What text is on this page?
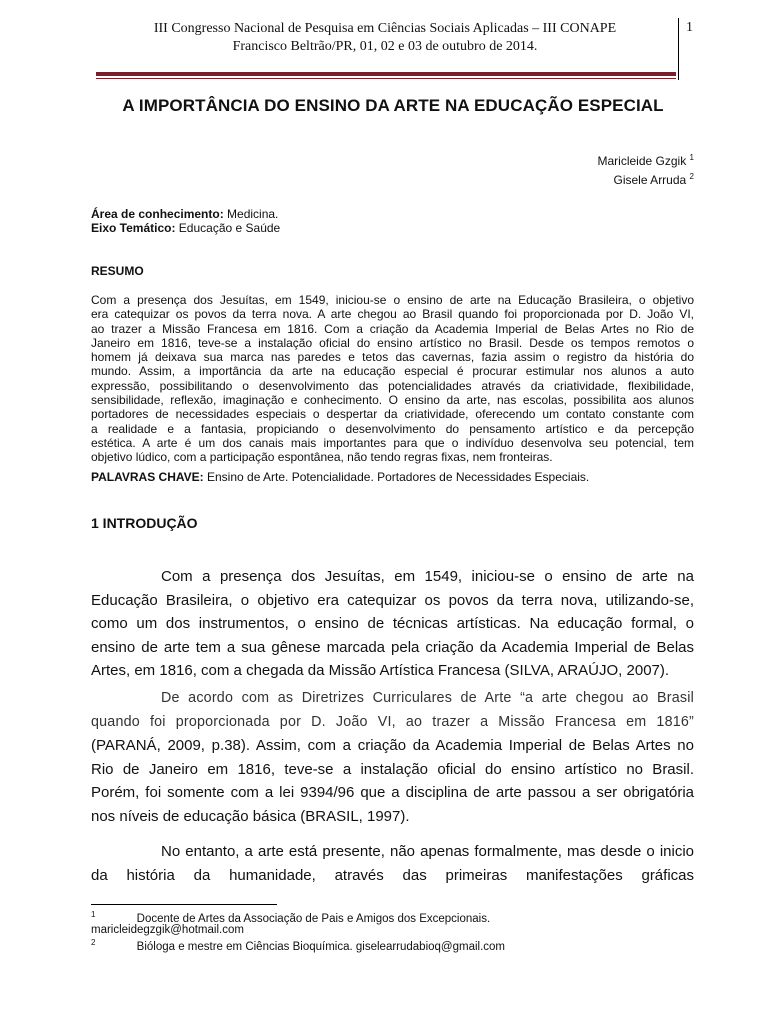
III Congresso Nacional de Pesquisa em Ciências Sociais Aplicadas – III CONAPE
Francisco Beltrão/PR, 01, 02 e 03 de outubro de 2014.
1
A IMPORTÂNCIA DO ENSINO DA ARTE NA EDUCAÇÃO ESPECIAL
Maricleide Gzgik $^1$
Gisele Arruda $^2$
Área de conhecimento: Medicina.
Eixo Temático: Educação e Saúde
RESUMO
Com a presença dos Jesuítas, em 1549, iniciou-se o ensino de arte na Educação Brasileira, o objetivo
era catequizar os povos da terra nova. A arte chegou ao Brasil quando foi proporcionada por D. João VI,
ao trazer a Missão Francesa em 1816. Com a criação da Academia Imperial de Belas Artes no Rio de
Janeiro em 1816, teve-se a instalação oficial do ensino artístico no Brasil. Desde os tempos remotos o
homem já deixava sua marca nas paredes e tetos das cavernas, fazia assim o registro da história do
mundo. Assim, a importância da arte na educação especial é procurar estimular nos alunos a auto
expressão, possibilitando o desenvolvimento das potencialidades através da criatividade, flexibilidade,
sensibilidade, reflexão, imaginação e conhecimento. O ensino da arte, nas escolas, possibilita aos alunos
portadores de necessidades especiais o despertar da criatividade, oferecendo um contato constante com
a realidade e a fantasia, propiciando o desenvolvimento do pensamento artístico e da percepção
estética. A arte é um dos canais mais importantes para que o indivíduo desenvolva seu potencial, tem
objetivo lúdico, com a participação espontânea, não tendo regras fixas, nem fronteiras.
PALAVRAS CHAVE: Ensino de Arte. Potencialidade. Portadores de Necessidades Especiais.
1 INTRODUÇÃO
Com a presença dos Jesuítas, em 1549, iniciou-se o ensino de arte na
Educação Brasileira, o objetivo era catequizar os povos da terra nova, utilizando-se,
como um dos instrumentos, o ensino de técnicas artísticas. Na educação formal, o
ensino de arte tem a sua gênese marcada pela criação da Academia Imperial de Belas
Artes, em 1816, com a chegada da Missão Artística Francesa (SILVA, ARAÚJO, 2007).
De acordo com as Diretrizes Curriculares de Arte “a arte chegou ao Brasil
quando foi proporcionada por D. João VI, ao trazer a Missão Francesa em 1816”
(PARANÁ, 2009, p.38). Assim, com a criação da Academia Imperial de Belas Artes no
Rio de Janeiro em 1816, teve-se a instalação oficial do ensino artístico no Brasil.
Porém, foi somente com a lei 9394/96 que a disciplina de arte passou a ser obrigatória
nos níveis de educação básica (BRASIL, 1997).
No entanto, a arte está presente, não apenas formalmente, mas desde o inicio
da história da humanidade, através das primeiras manifestações gráficas
$^1$	Docente de Artes da Associação de Pais e Amigos dos Excepcionais.
maricleidegzgik@hotmail.com
$^2$	Bióloga e mestre em Ciências Bioquímica. giselearrudabioq@gmail.com
